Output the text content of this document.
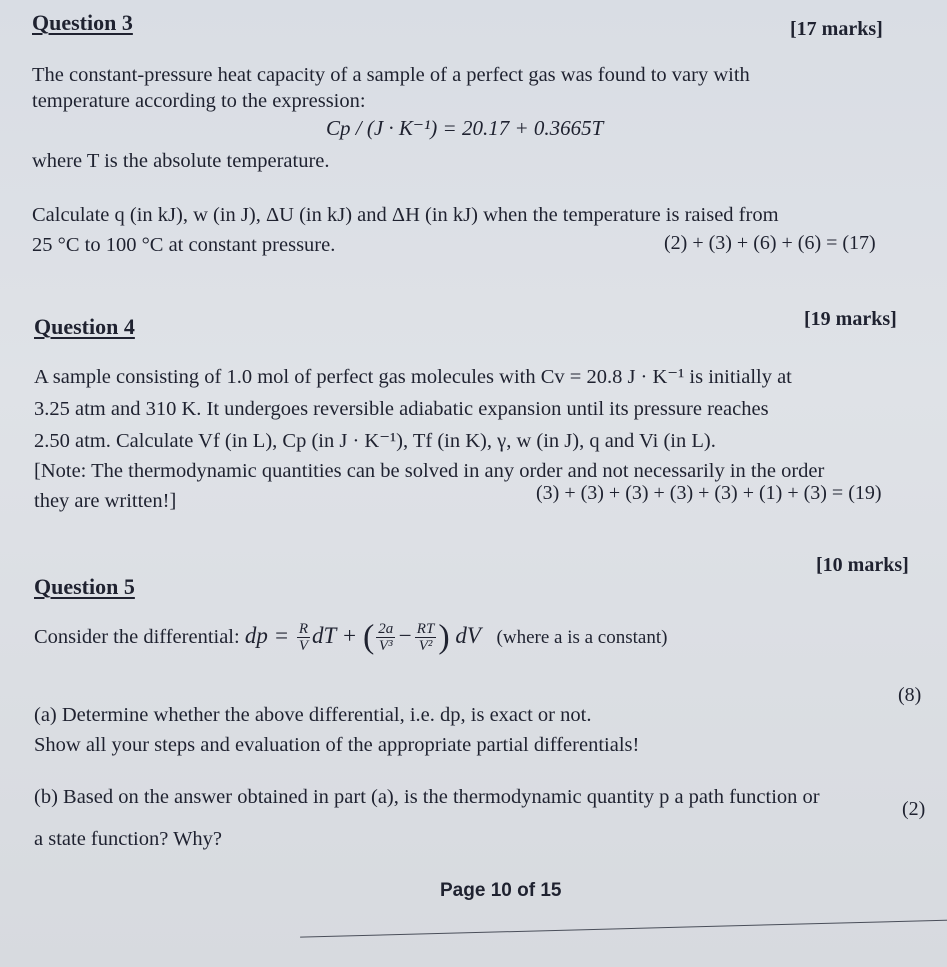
Question 3	[17 marks]
The constant-pressure heat capacity of a sample of a perfect gas was found to vary with
temperature according to the expression:
Cp / (J · K⁻¹) = 20.17 + 0.3665T
where T is the absolute temperature.
Calculate q (in kJ), w (in J), ΔU (in kJ) and ΔH (in kJ) when the temperature is raised from
25 °C to 100 °C at constant pressure.	(2) + (3) + (6) + (6) = (17)
Question 4	[19 marks]
A sample consisting of 1.0 mol of perfect gas molecules with Cv = 20.8 J · K⁻¹ is initially at
3.25 atm and 310 K. It undergoes reversible adiabatic expansion until its pressure reaches
2.50 atm. Calculate Vf (in L), Cp (in J · K⁻¹), Tf (in K), γ, w (in J), q and Vi (in L).
[Note: The thermodynamic quantities can be solved in any order and not necessarily in the order
they are written!]	(3) + (3) + (3) + (3) + (3) + (1) + (3) = (19)
Question 5
[10 marks]
Consider the differential: dp = $\frac{R}{V}$ dT + ( $\frac{2a}{\text{V³}} - \frac{RT}{\text{V²}}$ ) dV   (where a is a constant)
(a) Determine whether the above differential, i.e. dp, is exact or not.
Show all your steps and evaluation of the appropriate partial differentials!
(8)
(b) Based on the answer obtained in part (a), is the thermodynamic quantity p a path function or
a state function? Why?
(2)
Page 10 of 15
